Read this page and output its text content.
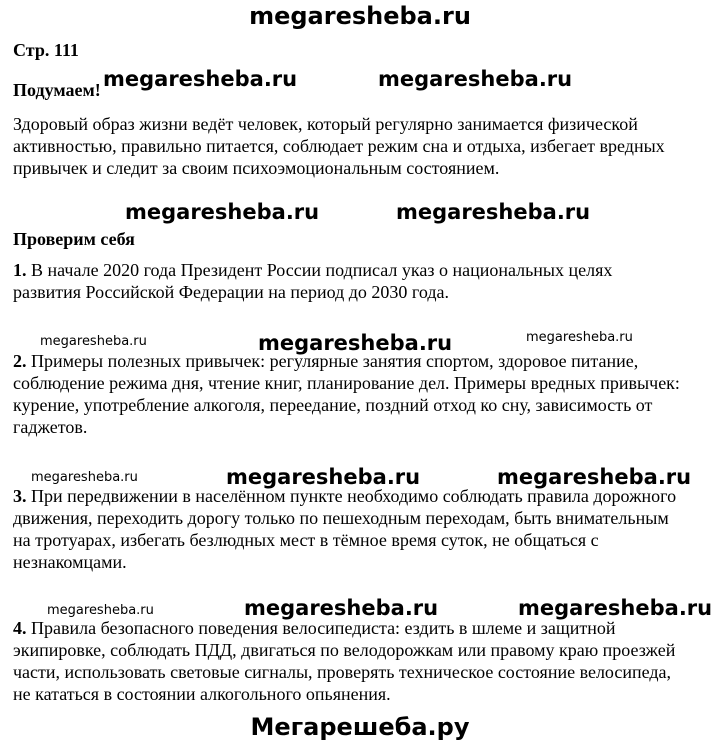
megaresheba.ru
Стр. 111
Подумаем! megaresheba.ru	megaresheba.ru
Здоровый образ жизни ведёт человек, который регулярно занимается физической
активностью, правильно питается, соблюдает режим сна и отдыха, избегает вредных
привычек и следит за своим психоэмоциональным состоянием.
megaresheba.ru	megaresheba.ru
Проверим себя
1. В начале 2020 года Президент России подписал указ о национальных целях
развития Российской Федерации на период до 2030 года.
megaresheba.ru	megaresheba.ru	megaresheba.ru
2. Примеры полезных привычек: регулярные занятия спортом, здоровое питание,
соблюдение режима дня, чтение книг, планирование дел. Примеры вредных привычек:
курение, употребление алкоголя, переедание, поздний отход ко сну, зависимость от
гаджетов.
megaresheba.ru	megaresheba.ru	megaresheba.ru
3. При передвижении в населённом пункте необходимо соблюдать правила дорожного
движения, переходить дорогу только по пешеходным переходам, быть внимательным
на тротуарах, избегать безлюдных мест в тёмное время суток, не общаться с
незнакомцами.
megaresheba.ru	megaresheba.ru	megaresheba.ru
4. Правила безопасного поведения велосипедиста: ездить в шлеме и защитной
экипировке, соблюдать ПДД, двигаться по велодорожкам или правому краю проезжей
части, использовать световые сигналы, проверять техническое состояние велосипеда,
не кататься в состоянии алкогольного опьянения.
Мегарешеба.ру
